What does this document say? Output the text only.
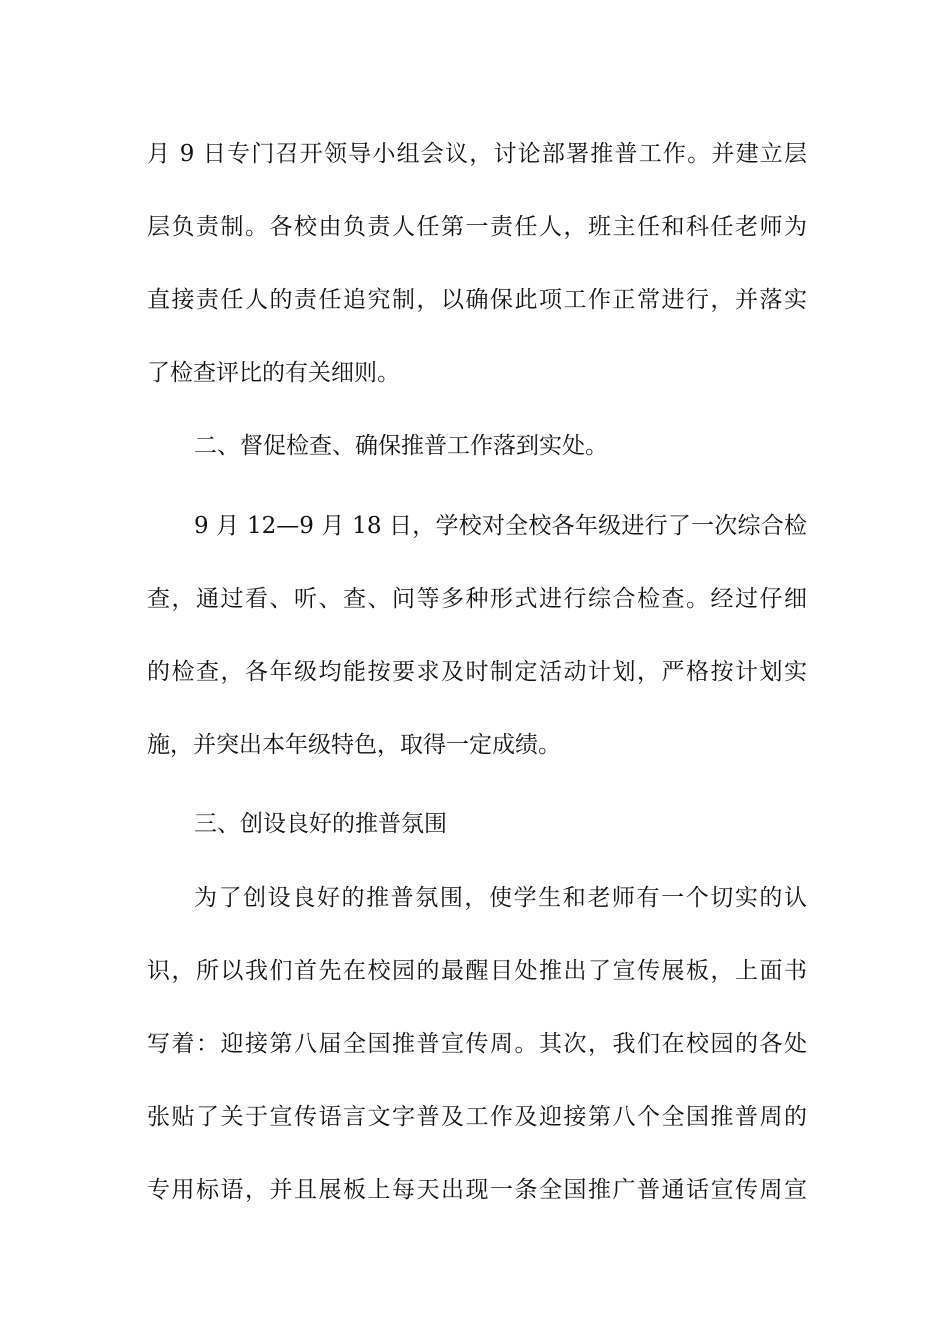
月 9 日专门召开领导小组会议，讨论部署推普工作。并建立层

层负责制。各校由负责人任第一责任人，班主任和科任老师为

直接责任人的责任追究制，以确保此项工作正常进行，并落实

了检查评比的有关细则。

二、督促检查、确保推普工作落到实处。

9 月 12—9 月 18 日，学校对全校各年级进行了一次综合检

查，通过看、听、查、问等多种形式进行综合检查。经过仔细

的检查，各年级均能按要求及时制定活动计划，严格按计划实

施，并突出本年级特色，取得一定成绩。

三、创设良好的推普氛围

为了创设良好的推普氛围，使学生和老师有一个切实的认

识，所以我们首先在校园的最醒目处推出了宣传展板，上面书

写着：迎接第八届全国推普宣传周。其次，我们在校园的各处

张贴了关于宣传语言文字普及工作及迎接第八个全国推普周的

专用标语，并且展板上每天出现一条全国推广普通话宣传周宣
